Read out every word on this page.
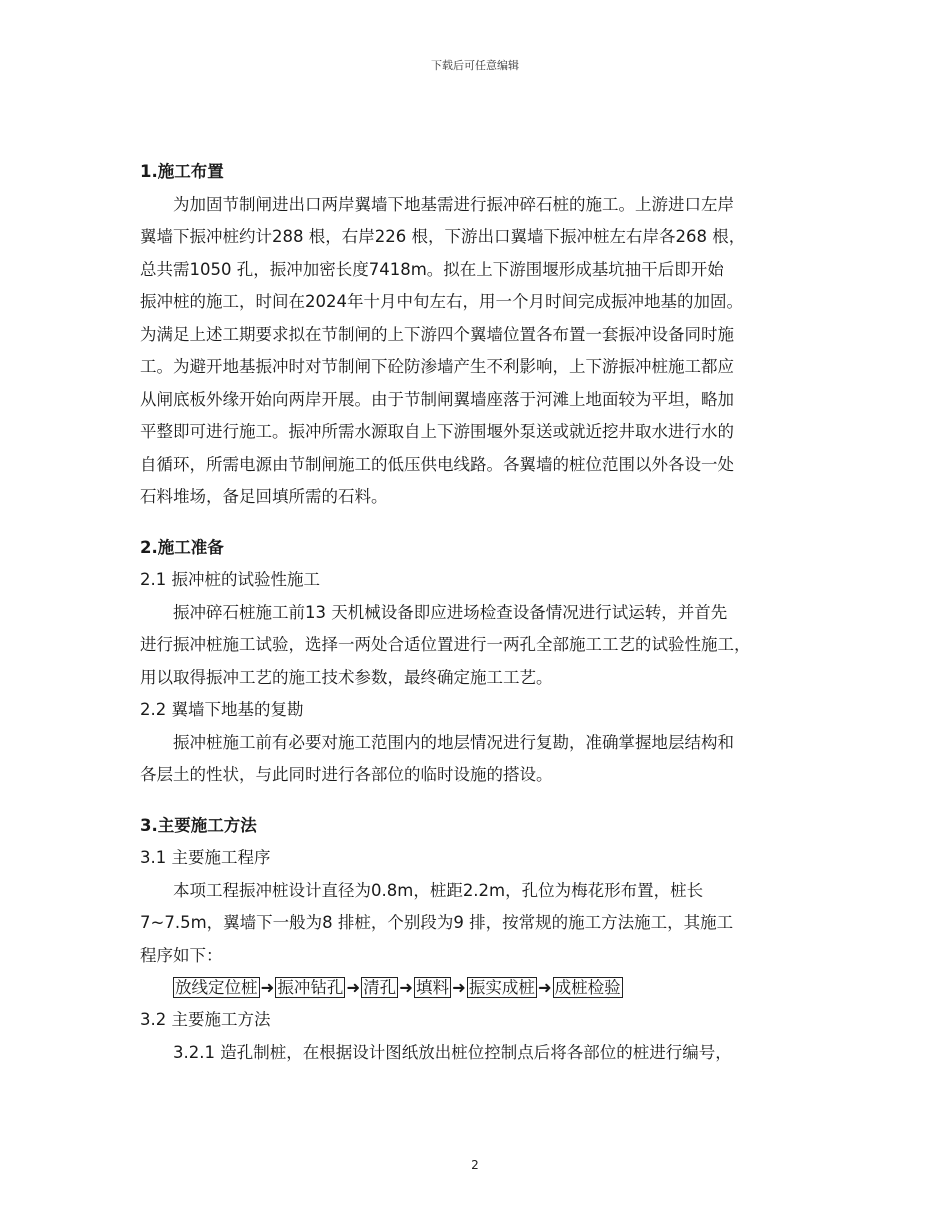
下载后可任意编辑
1.施工布置
为加固节制闸进出口两岸翼墙下地基需进行振冲碎石桩的施工。上游进口左岸
翼墙下振冲桩约计288 根，右岸226 根，下游出口翼墙下振冲桩左右岸各268 根，
总共需1050 孔，振冲加密长度7418m。拟在上下游围堰形成基坑抽干后即开始
振冲桩的施工，时间在2024年十月中旬左右，用一个月时间完成振冲地基的加固。
为满足上述工期要求拟在节制闸的上下游四个翼墙位置各布置一套振冲设备同时施
工。为避开地基振冲时对节制闸下砼防渗墙产生不利影响，上下游振冲桩施工都应
从闸底板外缘开始向两岸开展。由于节制闸翼墙座落于河滩上地面较为平坦，略加
平整即可进行施工。振冲所需水源取自上下游围堰外泵送或就近挖井取水进行水的
自循环，所需电源由节制闸施工的低压供电线路。各翼墙的桩位范围以外各设一处
石料堆场，备足回填所需的石料。
2.施工准备
2.1 振冲桩的试验性施工
振冲碎石桩施工前13 天机械设备即应进场检查设备情况进行试运转，并首先
进行振冲桩施工试验，选择一两处合适位置进行一两孔全部施工工艺的试验性施工，
用以取得振冲工艺的施工技术参数，最终确定施工工艺。
2.2 翼墙下地基的复勘
振冲桩施工前有必要对施工范围内的地层情况进行复勘，准确掌握地层结构和
各层土的性状，与此同时进行各部位的临时设施的搭设。
3.主要施工方法
3.1 主要施工程序
本项工程振冲桩设计直径为0.8m，桩距2.2m，孔位为梅花形布置，桩长
7~7.5m，翼墙下一般为8 排桩，个别段为9 排，按常规的施工方法施工，其施工
程序如下：
放线定位桩 ➜ 振冲钻孔 ➜ 清孔 ➜ 填料 ➜ 振实成桩 ➜ 成桩检验
3.2 主要施工方法
3.2.1 造孔制桩，在根据设计图纸放出桩位控制点后将各部位的桩进行编号，
2
